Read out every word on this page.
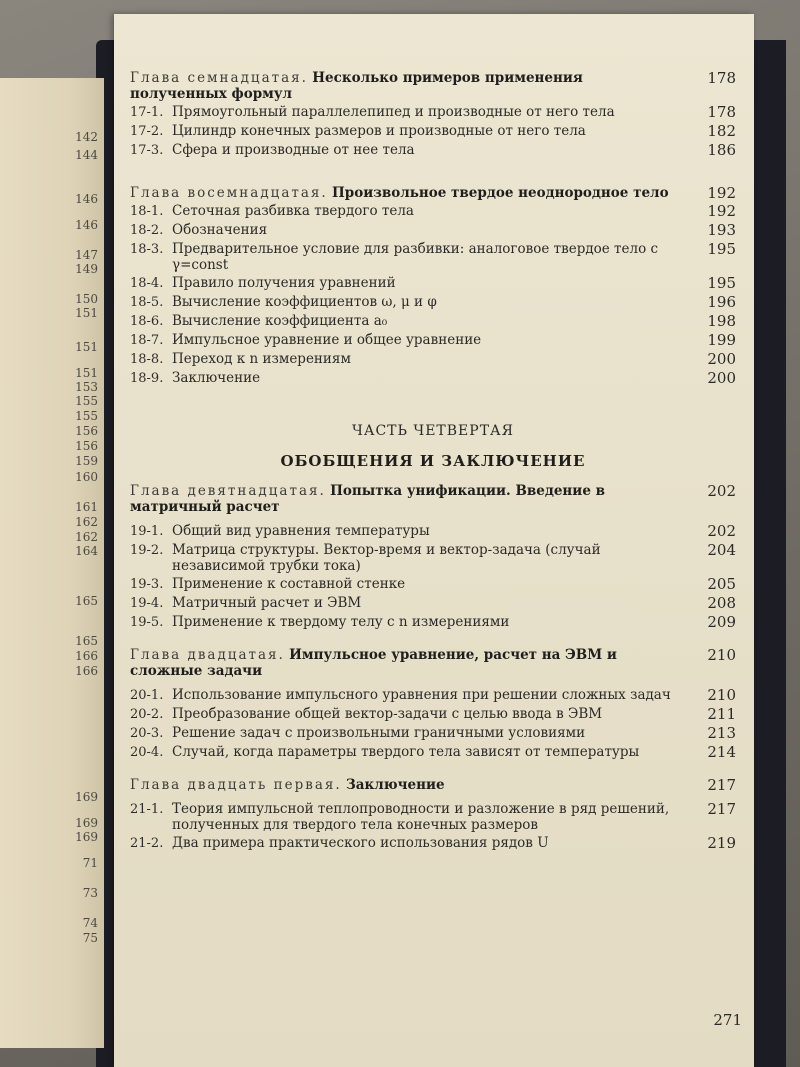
142
144
146
146
147
149
150
151
151
151
153
155
155
156
156
159
160
161
162
162
164
165
165
166
166
169
169
169
71
73
74
75
Глава семнадцатая. Несколько примеров применения полученных формул
178
17-1. Прямоугольный параллелепипед и производные от него тела	178
17-2. Цилиндр конечных размеров и производные от него тела	182
17-3. Сфера и производные от нее тела	186
Глава восемнадцатая. Произвольное твердое неоднородное тело	192
18-1. Сеточная разбивка твердого тела	192
18-2. Обозначения	193
18-3. Предварительное условие для разбивки: аналоговое твердое тело с γ=const
195
18-4. Правило получения уравнений	195
18-5. Вычисление коэффициентов ω, μ и φ	196
18-6. Вычисление коэффициента a₀	198
18-7. Импульсное уравнение и общее уравнение	199
18-8. Переход к n измерениям	200
18-9. Заключение	200
ЧАСТЬ ЧЕТВЕРТАЯ
ОБОБЩЕНИЯ И ЗАКЛЮЧЕНИЕ
Глава девятнадцатая. Попытка унификации. Введение в матричный расчет
202
19-1. Общий вид уравнения температуры	202
19-2. Матрица структуры. Вектор-время и вектор-задача (случай независимой трубки тока)
204
19-3. Применение к составной стенке	205
19-4. Матричный расчет и ЭВМ	208
19-5. Применение к твердому телу с n измерениями	209
Глава двадцатая. Импульсное уравнение, расчет на ЭВМ и сложные задачи
210
20-1. Использование импульсного уравнения при решении сложных задач	210
20-2. Преобразование общей вектор-задачи с целью ввода в ЭВМ	211
20-3. Решение задач с произвольными граничными условиями	213
20-4. Случай, когда параметры твердого тела зависят от температуры	214
Глава двадцать первая. Заключение	217
21-1. Теория импульсной теплопроводности и разложение в ряд решений, полученных для твердого тела конечных размеров
217
21-2. Два примера практического использования рядов U	219
271
